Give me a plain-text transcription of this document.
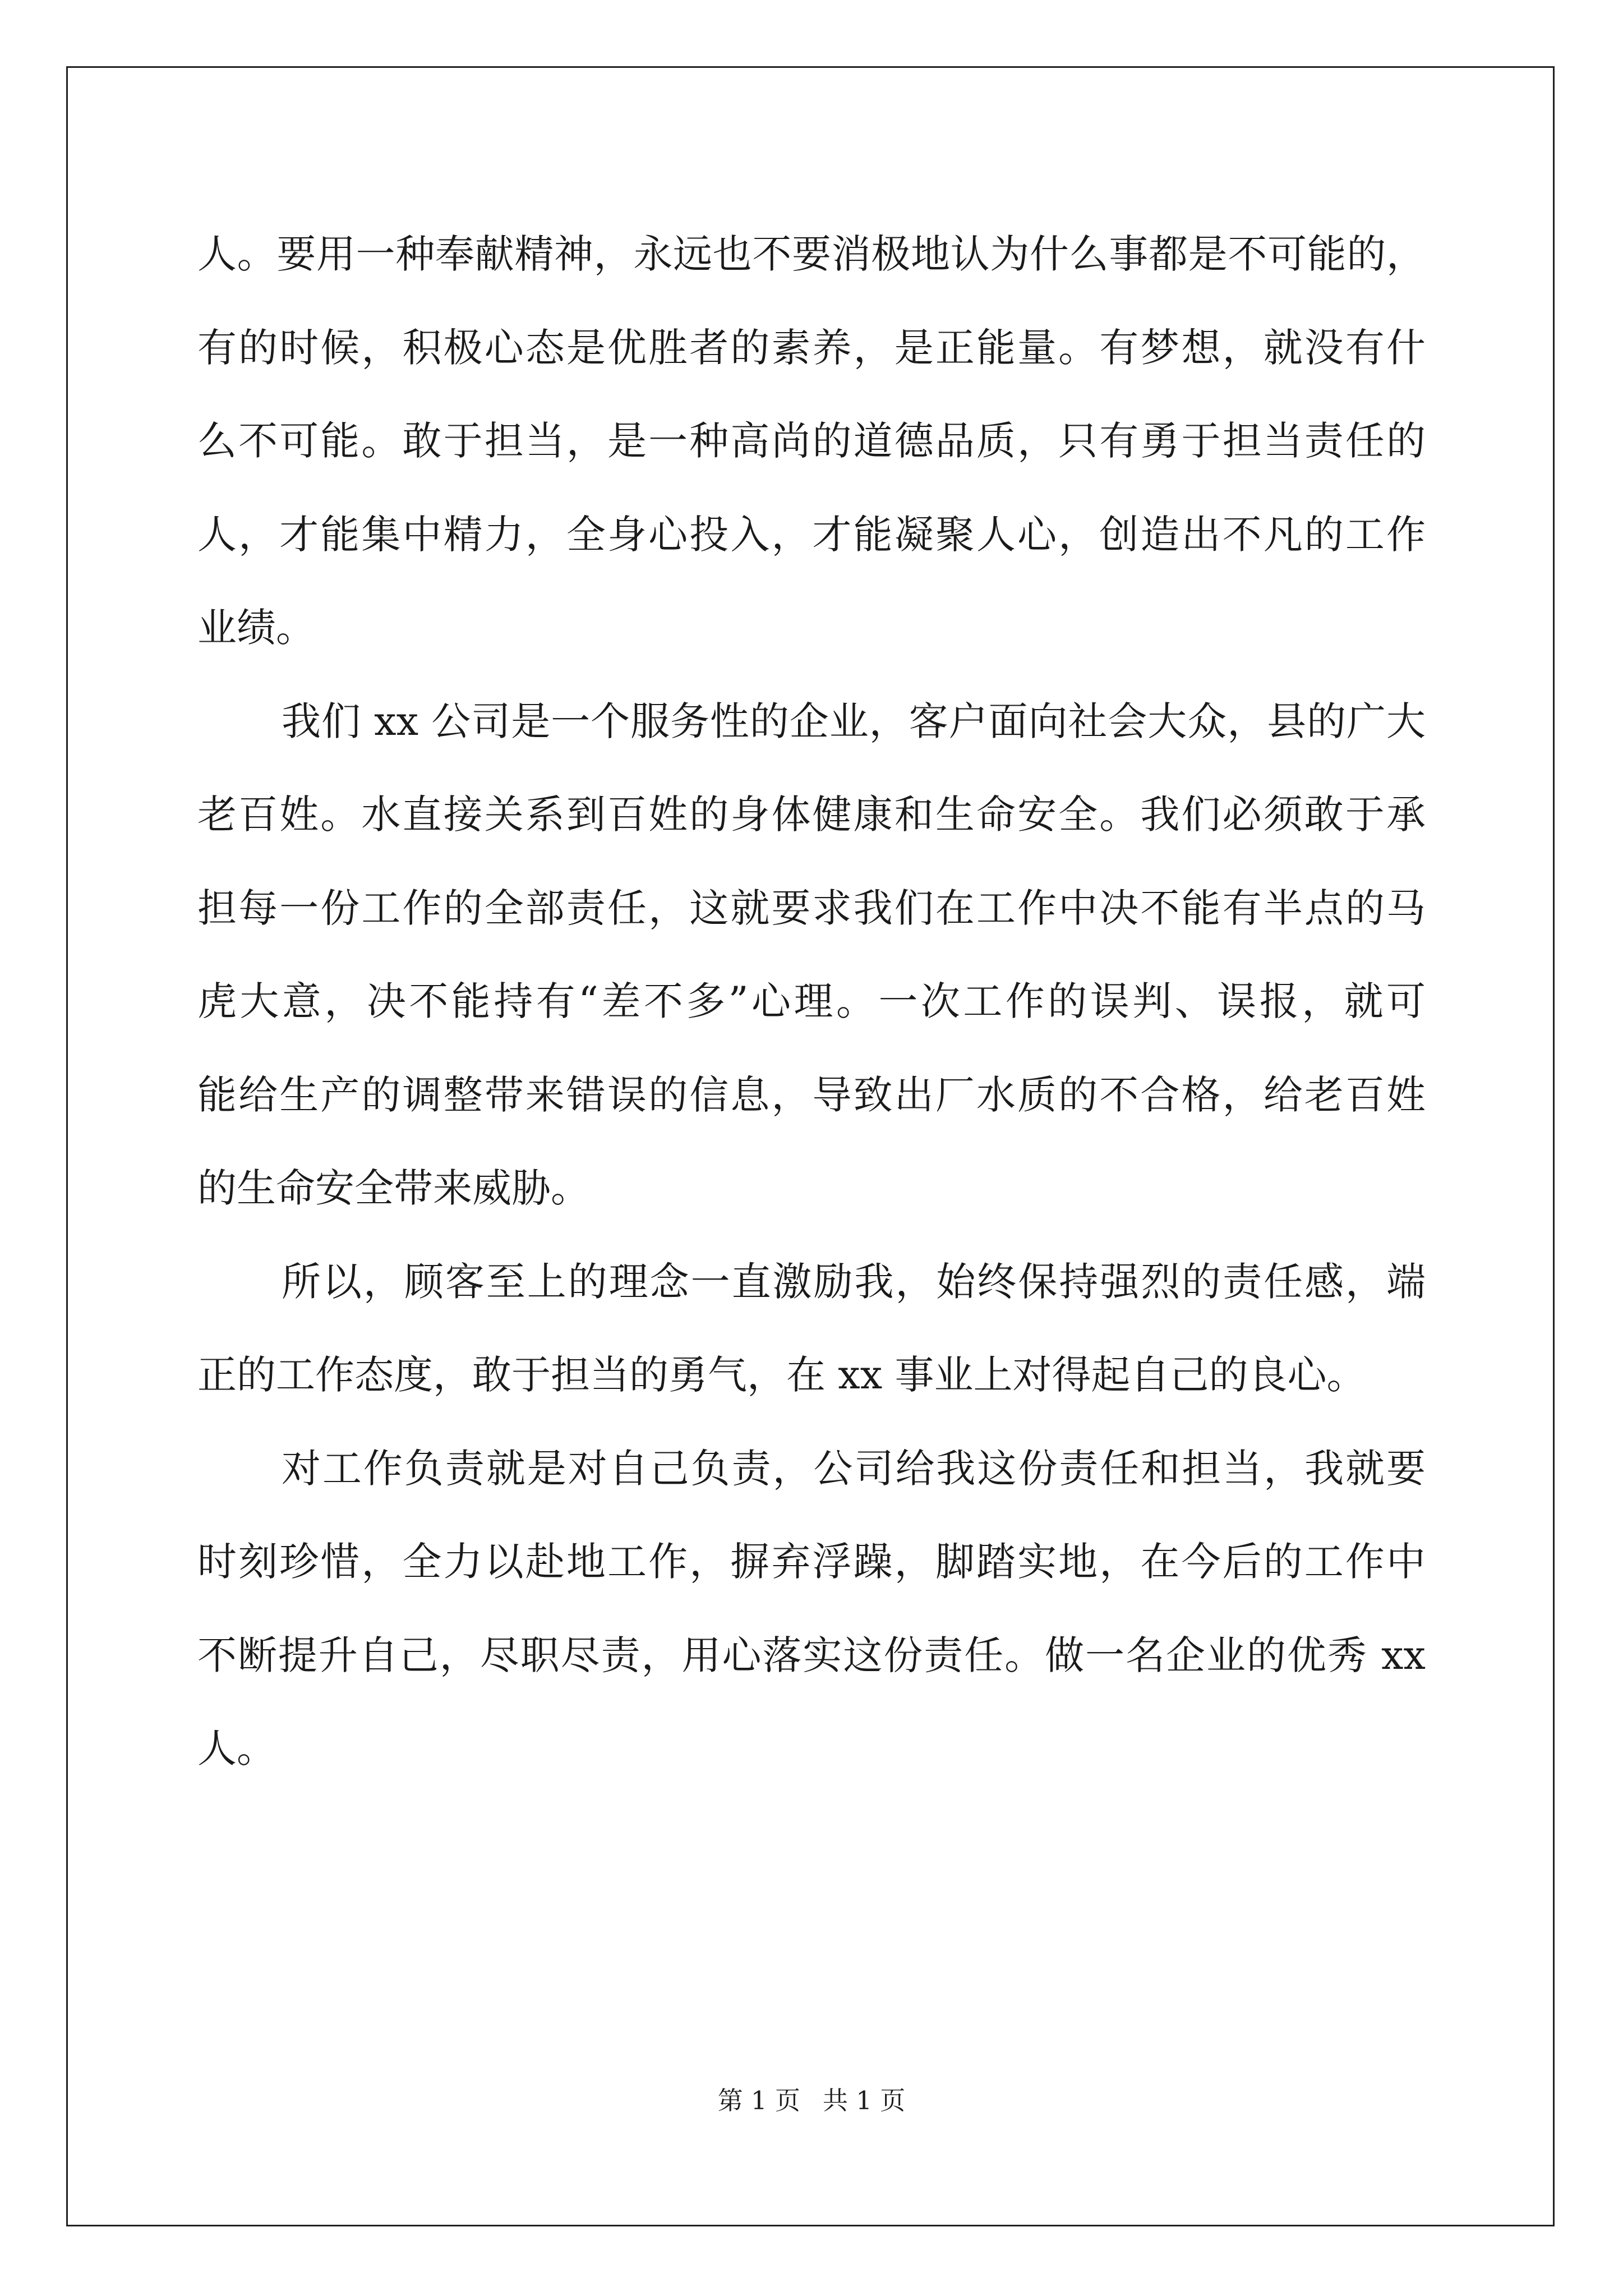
人。要用一种奉献精神，永远也不要消极地认为什么事都是不可能的，
有的时候，积极心态是优胜者的素养，是正能量。有梦想，就没有什
么不可能。敢于担当，是一种高尚的道德品质，只有勇于担当责任的
人，才能集中精力，全身心投入，才能凝聚人心，创造出不凡的工作
业绩。
我们 xx 公司是一个服务性的企业，客户面向社会大众，县的广大
老百姓。水直接关系到百姓的身体健康和生命安全。我们必须敢于承
担每一份工作的全部责任，这就要求我们在工作中决不能有半点的马
虎大意，决不能持有“差不多”心理。一次工作的误判、误报，就可
能给生产的调整带来错误的信息，导致出厂水质的不合格，给老百姓
的生命安全带来威胁。
所以，顾客至上的理念一直激励我，始终保持强烈的责任感，端
正的工作态度，敢于担当的勇气，在 xx 事业上对得起自己的良心。
对工作负责就是对自己负责，公司给我这份责任和担当，我就要
时刻珍惜，全力以赴地工作，摒弃浮躁，脚踏实地，在今后的工作中
不断提升自己，尽职尽责，用心落实这份责任。做一名企业的优秀 xx
人。
第 1 页 共 1 页
